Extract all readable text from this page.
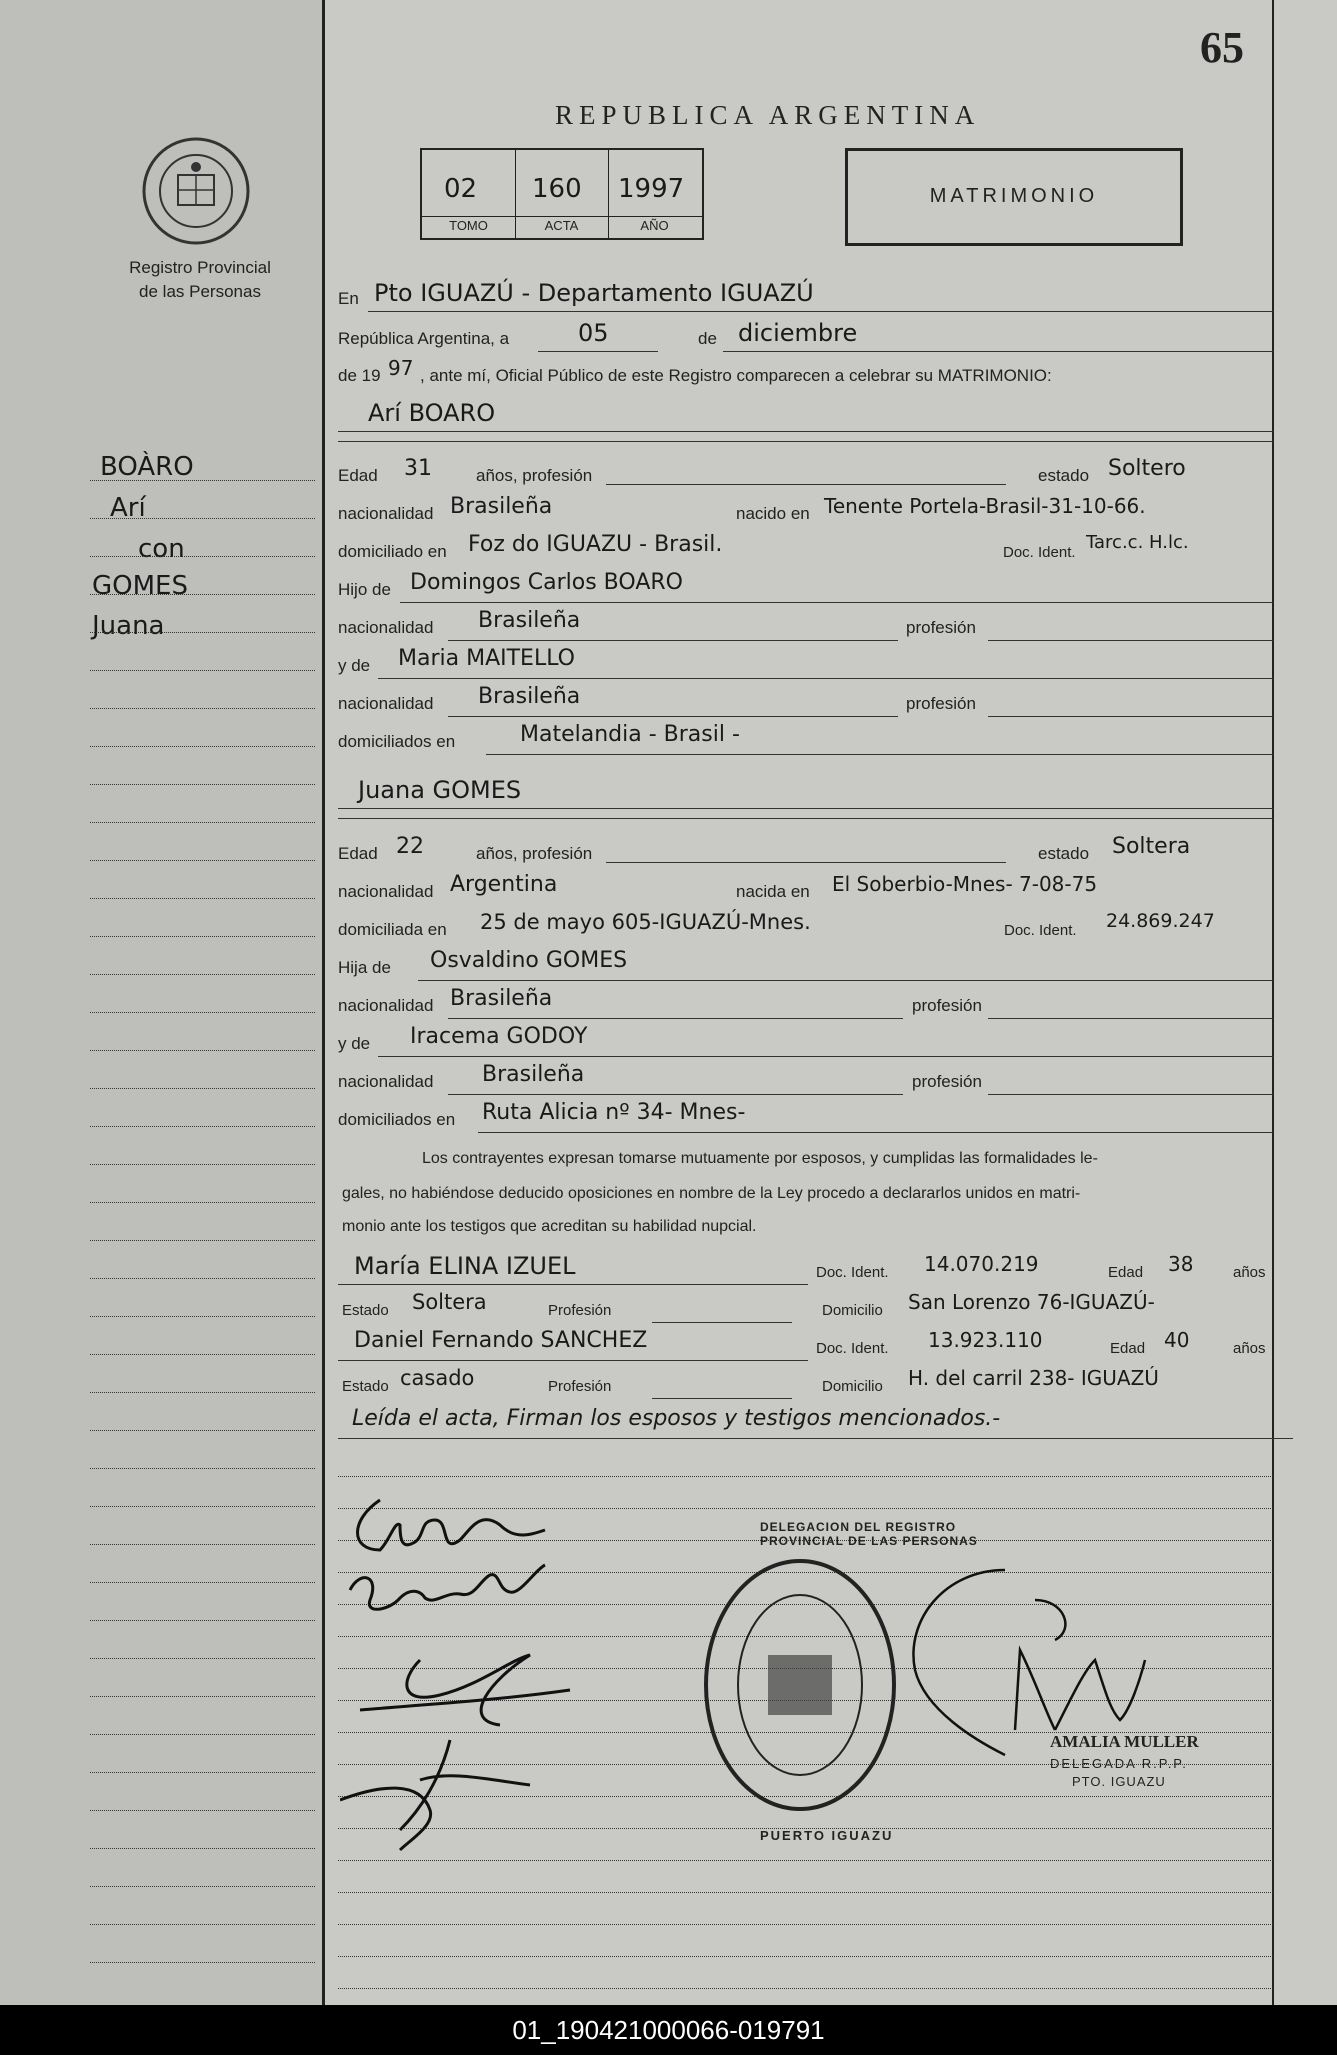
65
Registro Provincial
de las Personas
REPUBLICA ARGENTINA
02 160 1997
TOMO	ACTA	AÑO
MATRIMONIO
BOÀRO
Arí
con
GOMES
Juana
En Pto IGUAZÚ - Departamento IGUAZÚ
República Argentina, a	05	de diciembre
de 19 97 , ante mí, Oficial Público de este Registro comparecen a celebrar su MATRIMONIO:
Arí BOARO
Edad 31	años, profesión	estado Soltero
nacionalidad Brasileña	nacido en Tenente Portela-Brasil-31-10-66.
domiciliado en Foz do IGUAZU - Brasil.	Doc. Ident. Tarc.c. H.lc.
Hijo de Domingos Carlos BOARO
nacionalidad Brasileña	profesión
y de Maria MAITELLO
nacionalidad Brasileña	profesión
domiciliados en	Matelandia - Brasil -
Juana GOMES
Edad 22	años, profesión	estado Soltera
nacionalidad Argentina	nacida en El Soberbio-Mnes- 7-08-75
domiciliada en 25 de mayo 605-IGUAZÚ-Mnes.	Doc. Ident. 24.869.247
Hija de Osvaldino GOMES
nacionalidad Brasileña	profesión
y de Iracema GODOY
nacionalidad Brasileña	profesión
domiciliados en Ruta Alicia nº 34- Mnes-
Los contrayentes expresan tomarse mutuamente por esposos, y cumplidas las formalidades le-
gales, no habiéndose deducido oposiciones en nombre de la Ley procedo a declararlos unidos en matri-
monio ante los testigos que acreditan su habilidad nupcial.
María ELINA IZUEL	Doc. Ident. 14.070.219	Edad 38	años
Estado Soltera	Profesión	Domicilio San Lorenzo 76-IGUAZÚ-
Daniel Fernando SANCHEZ	Doc. Ident. 13.923.110	Edad 40	años
Estado casado	Profesión	Domicilio H. del carril 238- IGUAZÚ
Leída el acta, Firman los esposos y testigos mencionados.-
DELEGACION DEL REGISTRO PROVINCIAL DE LAS PERSONAS
PUERTO IGUAZU
AMALIA MULLER
DELEGADA R.P.P.
PTO. IGUAZU
01_190421000066-019791
